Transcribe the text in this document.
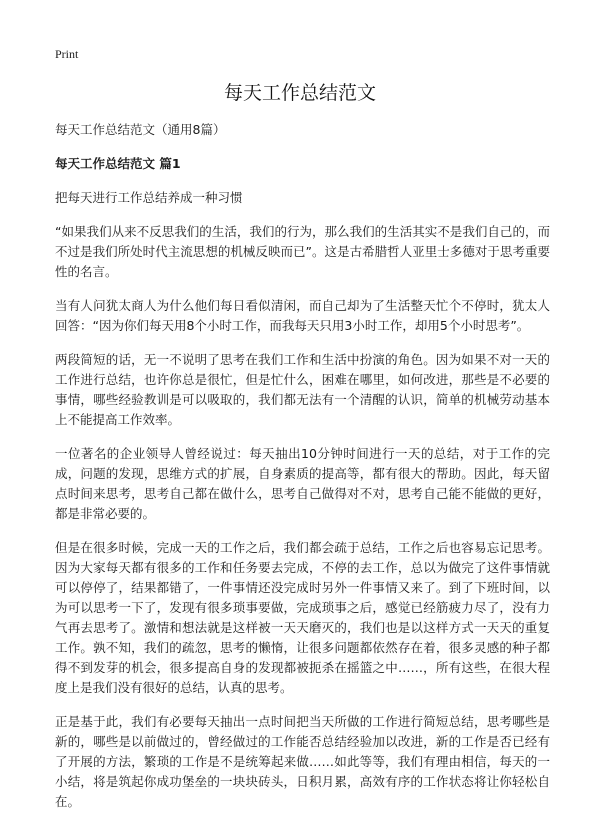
Print
每天工作总结范文

每天工作总结范文（通用8篇）

每天工作总结范文 篇1

把每天进行工作总结养成一种习惯

“如果我们从来不反思我们的生活，我们的行为，那么我们的生活其实不是我们自己的，而不过是我们所处时代主流思想的机械反映而已”。这是古希腊哲人亚里士多德对于思考重要性的名言。

当有人问犹太商人为什么他们每日看似清闲，而自己却为了生活整天忙个不停时，犹太人回答：“因为你们每天用8个小时工作，而我每天只用3小时工作，却用5个小时思考”。

两段简短的话，无一不说明了思考在我们工作和生活中扮演的角色。因为如果不对一天的工作进行总结，也许你总是很忙，但是忙什么，困难在哪里，如何改进，那些是不必要的事情，哪些经验教训是可以吸取的，我们都无法有一个清醒的认识，简单的机械劳动基本上不能提高工作效率。

一位著名的企业领导人曾经说过：每天抽出10分钟时间进行一天的总结，对于工作的完成，问题的发现，思维方式的扩展，自身素质的提高等，都有很大的帮助。因此，每天留点时间来思考，思考自己都在做什么，思考自己做得对不对，思考自己能不能做的更好，都是非常必要的。

但是在很多时候，完成一天的工作之后，我们都会疏于总结，工作之后也容易忘记思考。因为大家每天都有很多的工作和任务要去完成，不停的去工作，总以为做完了这件事情就可以停停了，结果都错了，一件事情还没完成时另外一件事情又来了。到了下班时间，以为可以思考一下了，发现有很多琐事要做，完成琐事之后，感觉已经筋疲力尽了，没有力气再去思考了。激情和想法就是这样被一天天磨灭的，我们也是以这样方式一天天的重复工作。孰不知，我们的疏忽，思考的懒惰，让很多问题都依然存在着，很多灵感的种子都得不到发芽的机会，很多提高自身的发现都被扼杀在摇篮之中……，所有这些，在很大程度上是我们没有很好的总结，认真的思考。

正是基于此，我们有必要每天抽出一点时间把当天所做的工作进行简短总结，思考哪些是新的，哪些是以前做过的，曾经做过的工作能否总结经验加以改进，新的工作是否已经有了开展的方法，繁琐的工作是不是统筹起来做……如此等等，我们有理由相信，每天的一小结，将是筑起你成功堡垒的一块块砖头，日积月累，高效有序的工作状态将让你轻松自在。
